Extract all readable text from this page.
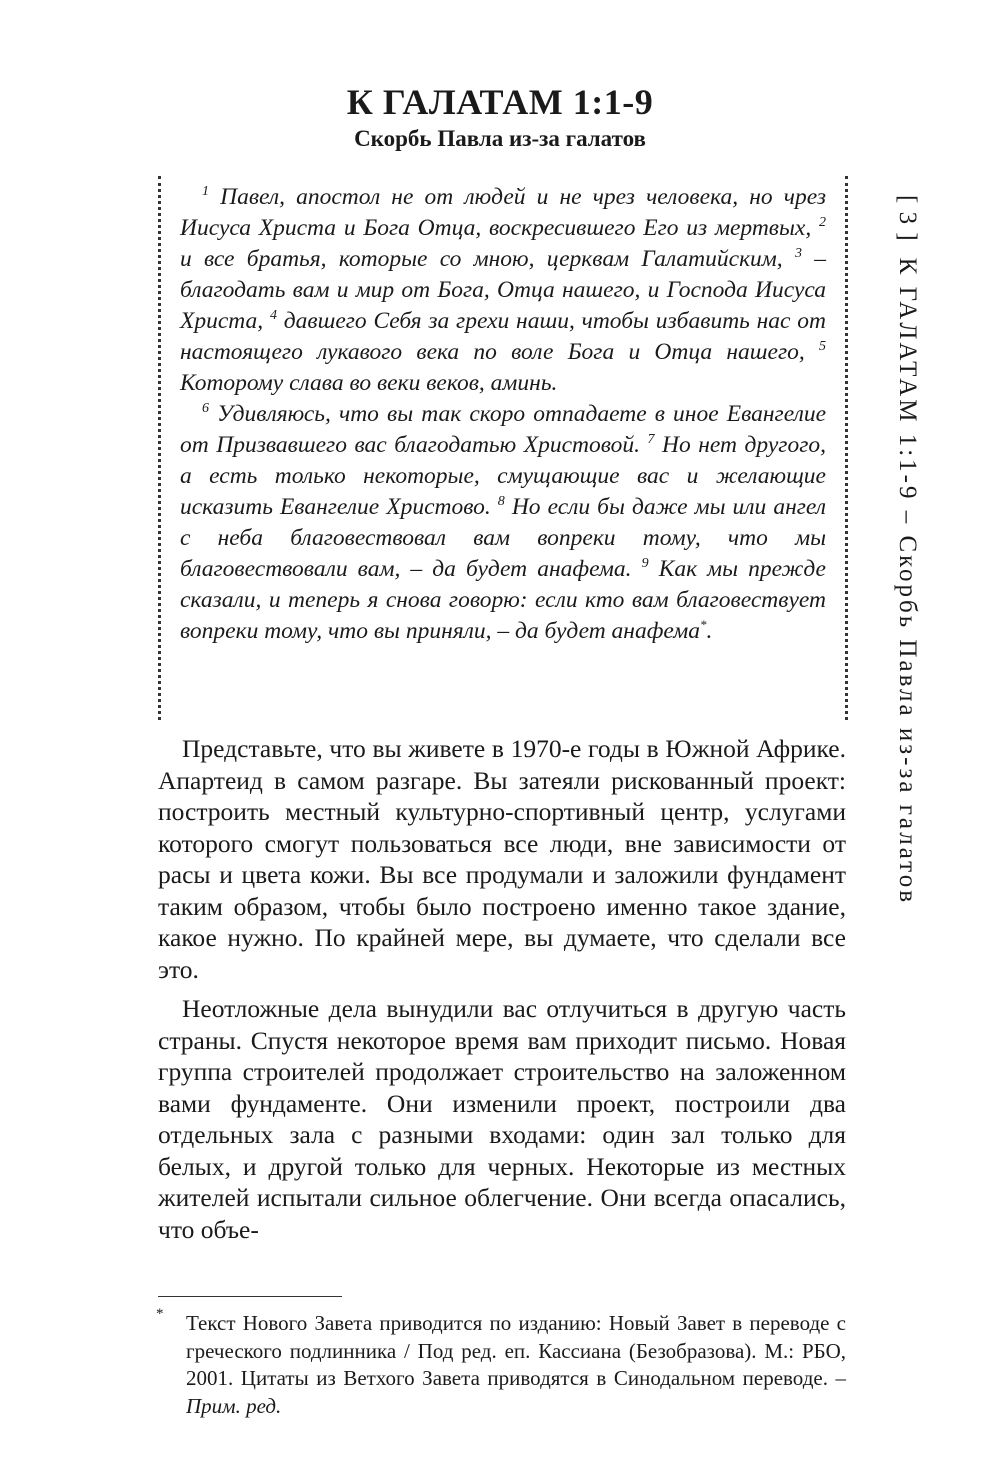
К ГАЛАТАМ 1:1-9
Скорбь Павла из-за галатов

$^1$ Павел, апостол не от людей и не чрез человека, но чрез Иисуса Христа и Бога Отца, воскресившего Его из мертвых, $^2$ и все братья, которые со мною, церквам Галатийским, $^3$ – благодать вам и мир от Бога, Отца нашего, и Господа Иисуса Христа, $^4$ давшего Себя за грехи наши, чтобы избавить нас от настоящего лукавого века по воле Бога и Отца нашего, $^5$ Которому слава во веки веков, аминь.

$^6$ Удивляюсь, что вы так скоро отпадаете в иное Евангелие от Призвавшего вас благодатью Христовой. $^7$ Но нет другого, а есть только некоторые, смущающие вас и желающие исказить Евангелие Христово. $^8$ Но если бы даже мы или ангел с неба благовествовал вам вопреки тому, что мы благовествовали вам, – да будет анафема. $^9$ Как мы прежде сказали, и теперь я снова говорю: если кто вам благовествует вопреки тому, что вы приняли, – да будет анафема*.

Представьте, что вы живете в 1970-е годы в Южной Африке. Апартеид в самом разгаре. Вы затеяли рискованный проект: построить местный культурно-спортивный центр, услугами которого смогут пользоваться все люди, вне зависимости от расы и цвета кожи. Вы все продумали и заложили фундамент таким образом, чтобы было построено именно такое здание, какое нужно. По крайней мере, вы думаете, что сделали все это.

Неотложные дела вынудили вас отлучиться в другую часть страны. Спустя некоторое время вам приходит письмо. Новая группа строителей продолжает строительство на заложенном вами фундаменте. Они изменили проект, построили два отдельных зала с разными входами: один зал только для белых, и другой только для черных. Некоторые из местных жителей испытали сильное облегчение. Они всегда опасались, что объе-

* Текст Нового Завета приводится по изданию: Новый Завет в переводе с греческого подлинника / Под ред. еп. Кассиана (Безобразова). М.: РБО, 2001. Цитаты из Ветхого Завета приводятся в Синодальном переводе. – Прим. ред.
[ 3 ]К ГАЛАТАМ 1:1-9 – Скорбь Павла из-за галатов
